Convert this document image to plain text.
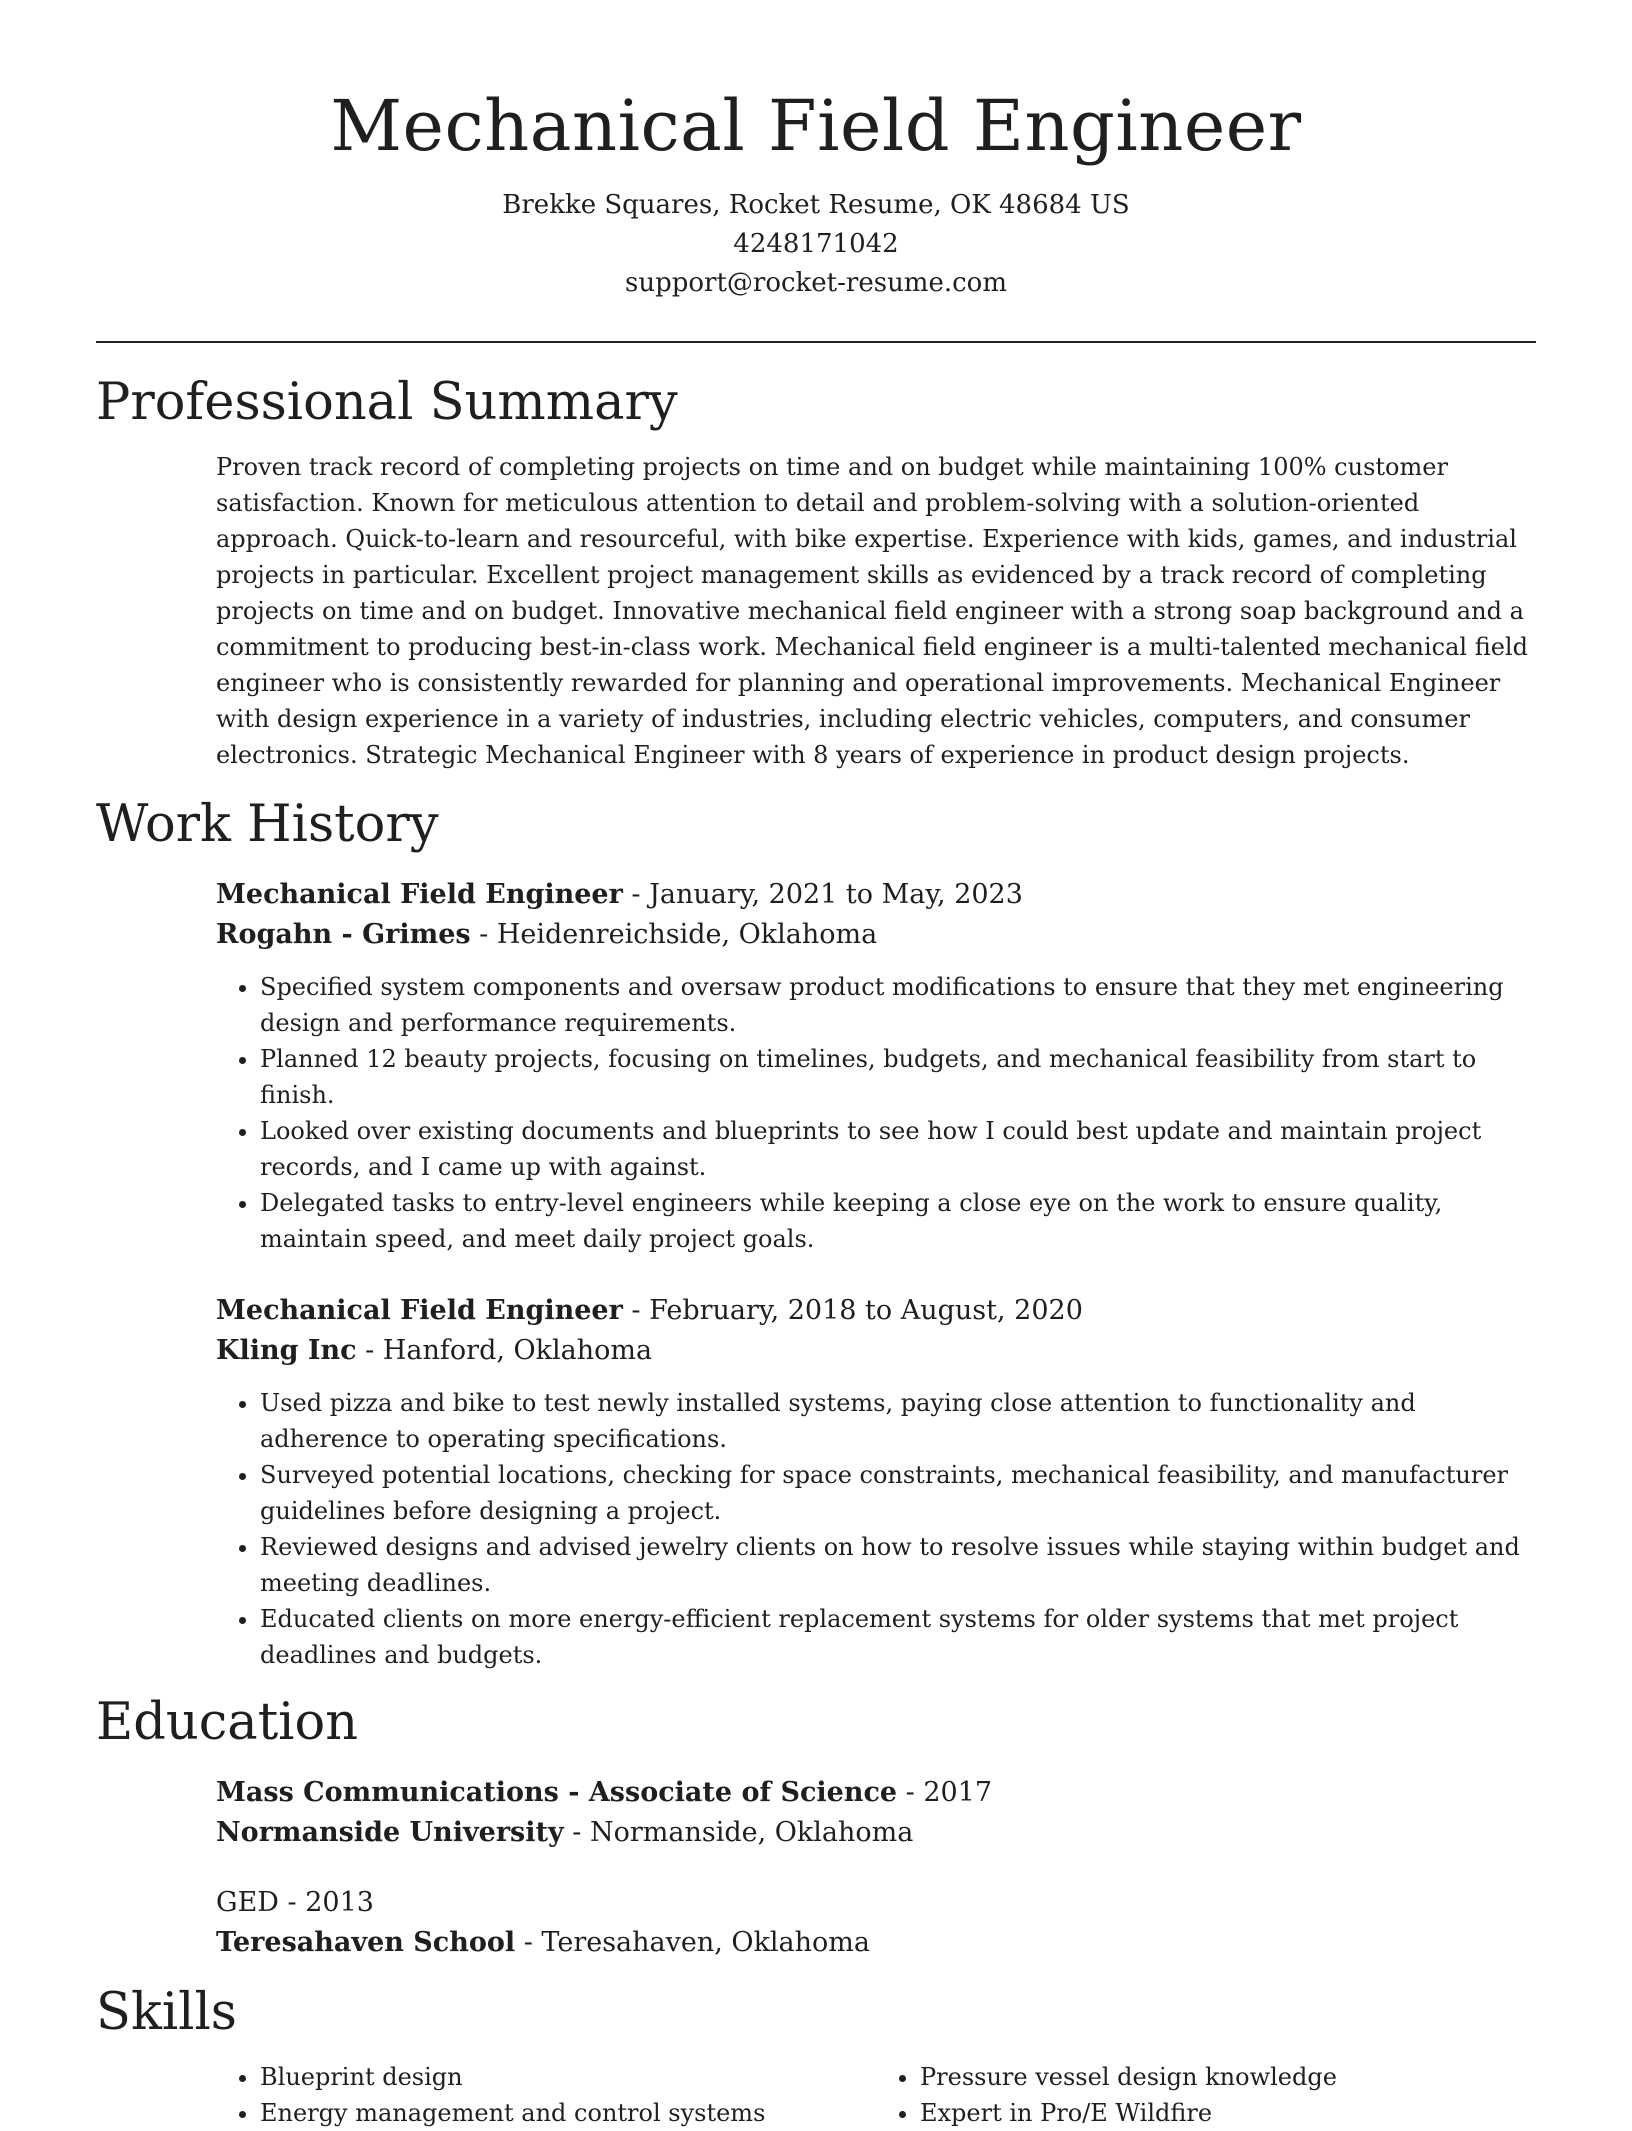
Mechanical Field Engineer

Brekke Squares, Rocket Resume, OK 48684 US

4248171042

support@rocket-resume.com

Professional Summary

Proven track record of completing projects on time and on budget while maintaining 100% customer satisfaction. Known for meticulous attention to detail and problem-solving with a solution-oriented approach. Quick-to-learn and resourceful, with bike expertise. Experience with kids, games, and industrial projects in particular. Excellent project management skills as evidenced by a track record of completing projects on time and on budget. Innovative mechanical field engineer with a strong soap background and a commitment to producing best-in-class work. Mechanical field engineer is a multi-talented mechanical field engineer who is consistently rewarded for planning and operational improvements. Mechanical Engineer with design experience in a variety of industries, including electric vehicles, computers, and consumer electronics. Strategic Mechanical Engineer with 8 years of experience in product design projects.

Work History

Mechanical Field Engineer - January, 2021 to May, 2023

Rogahn - Grimes - Heidenreichside, Oklahoma

• Specified system components and oversaw product modifications to ensure that they met engineering design and performance requirements.
• Planned 12 beauty projects, focusing on timelines, budgets, and mechanical feasibility from start to finish.
• Looked over existing documents and blueprints to see how I could best update and maintain project records, and I came up with against.
• Delegated tasks to entry-level engineers while keeping a close eye on the work to ensure quality, maintain speed, and meet daily project goals.

Mechanical Field Engineer - February, 2018 to August, 2020

Kling Inc - Hanford, Oklahoma

• Used pizza and bike to test newly installed systems, paying close attention to functionality and adherence to operating specifications.
• Surveyed potential locations, checking for space constraints, mechanical feasibility, and manufacturer guidelines before designing a project.
• Reviewed designs and advised jewelry clients on how to resolve issues while staying within budget and meeting deadlines.
• Educated clients on more energy-efficient replacement systems for older systems that met project deadlines and budgets.
Education

Mass Communications - Associate of Science - 2017

Normanside University - Normanside, Oklahoma

GED - 2013

Teresahaven School - Teresahaven, Oklahoma

Skills
• Blueprint design
• Energy management and control systems
• Pressure vessel design knowledge
• Expert in Pro/E Wildfire
